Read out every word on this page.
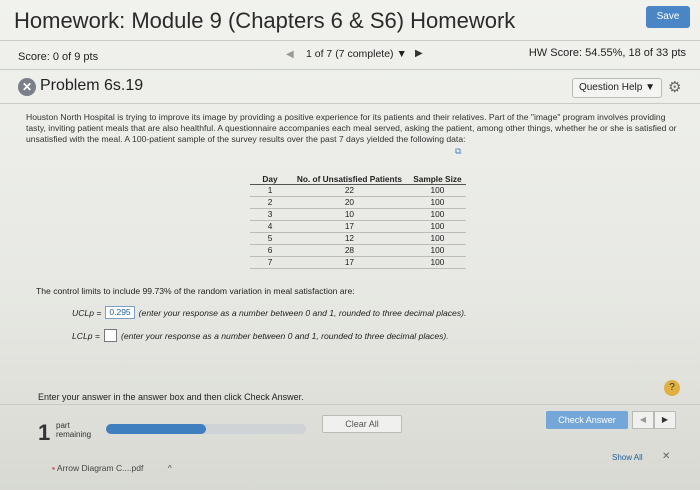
Homework: Module 9 (Chapters 6 & S6) Homework	Save
Score: 0 of 9 pts	◀ 1 of 7 (7 complete) ▼ ▶	HW Score: 54.55%, 18 of 33 pts
✕ Problem 6s.19	Question Help ▼ ⚙
Houston North Hospital is trying to improve its image by providing a positive experience for its patients and their relatives. Part of the "image" program involves providing tasty, inviting patient meals that are also healthful. A questionnaire accompanies each meal served, asking the patient, among other things, whether he or she is satisfied or unsatisfied with the meal. A 100-patient sample of the survey results over the past 7 days yielded the following data:
⧉
Day	No. of Unsatisfied Patients	Sample Size
1	22	100
2	20	100
3	10	100
4	17	100
5	12	100
6	28	100
7	17	100
The control limits to include 99.73% of the random variation in meal satisfaction are:
UCLp = 0.295 (enter your response as a number between 0 and 1, rounded to three decimal places).
LCLp = (enter your response as a number between 0 and 1, rounded to three decimal places).
Enter your answer in the answer box and then click Check Answer.
?
1 part
remaining
Clear All	Check Answer	◀	▶
▪ Arrow Diagram C....pdf	^
Show All ✕
